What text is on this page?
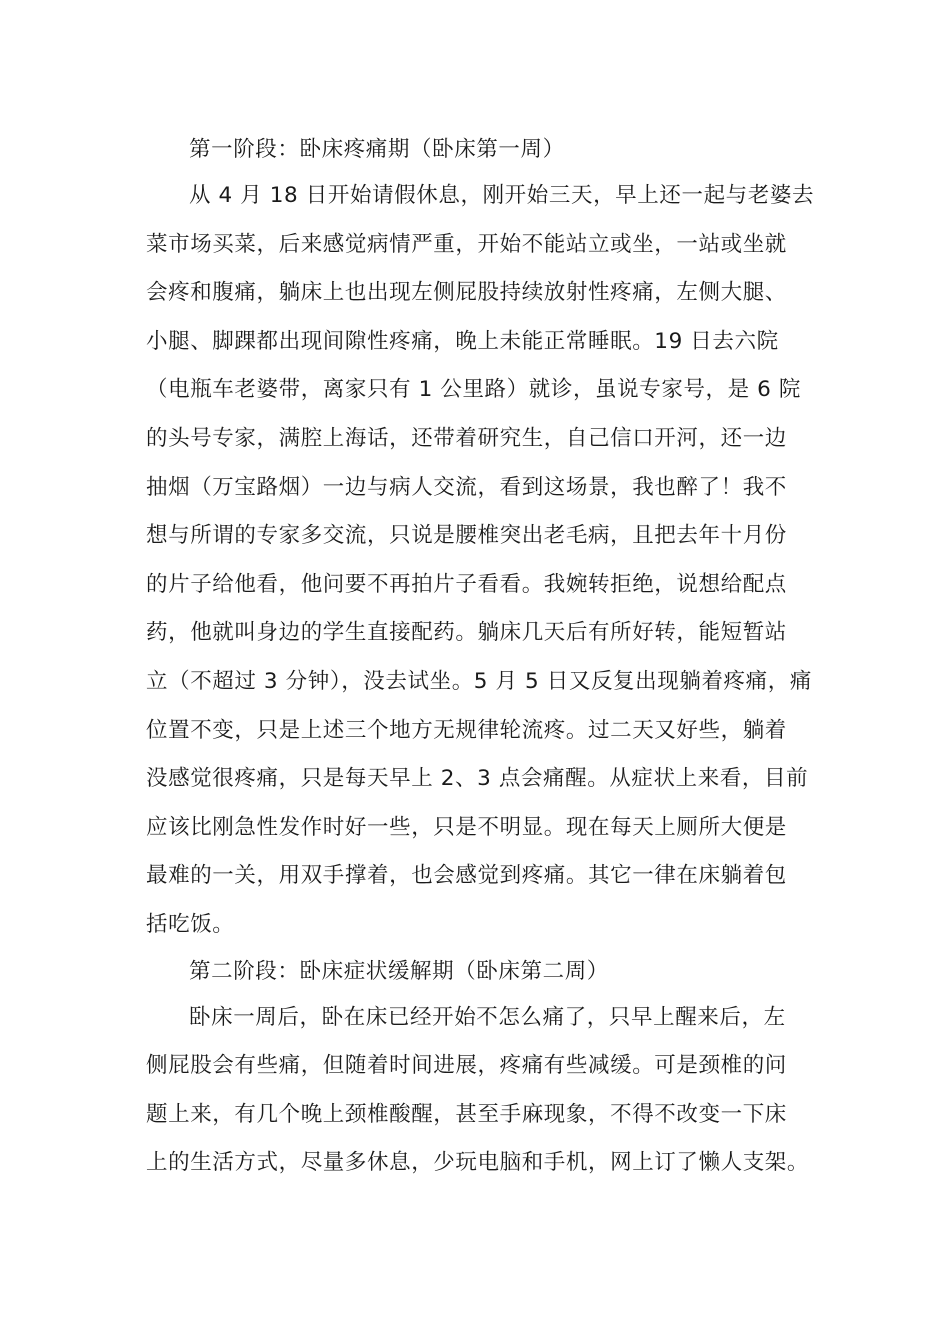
第一阶段：卧床疼痛期（卧床第一周）
从 4 月 18 日开始请假休息，刚开始三天，早上还一起与老婆去
菜市场买菜，后来感觉病情严重，开始不能站立或坐，一站或坐就
会疼和腹痛，躺床上也出现左侧屁股持续放射性疼痛，左侧大腿、
小腿、脚踝都出现间隙性疼痛，晚上未能正常睡眠。19 日去六院
（电瓶车老婆带，离家只有 1 公里路）就诊，虽说专家号，是 6 院
的头号专家，满腔上海话，还带着研究生，自己信口开河，还一边
抽烟（万宝路烟）一边与病人交流，看到这场景，我也醉了！我不
想与所谓的专家多交流，只说是腰椎突出老毛病，且把去年十月份
的片子给他看，他问要不再拍片子看看。我婉转拒绝，说想给配点
药，他就叫身边的学生直接配药。躺床几天后有所好转，能短暂站
立（不超过 3 分钟），没去试坐。5 月 5 日又反复出现躺着疼痛，痛
位置不变，只是上述三个地方无规律轮流疼。过二天又好些，躺着
没感觉很疼痛，只是每天早上 2、3 点会痛醒。从症状上来看，目前
应该比刚急性发作时好一些，只是不明显。现在每天上厕所大便是
最难的一关，用双手撑着，也会感觉到疼痛。其它一律在床躺着包
括吃饭。
第二阶段：卧床症状缓解期（卧床第二周）
卧床一周后，卧在床已经开始不怎么痛了，只早上醒来后，左
侧屁股会有些痛，但随着时间进展，疼痛有些减缓。可是颈椎的问
题上来，有几个晚上颈椎酸醒，甚至手麻现象，不得不改变一下床
上的生活方式，尽量多休息，少玩电脑和手机，网上订了懒人支架。
